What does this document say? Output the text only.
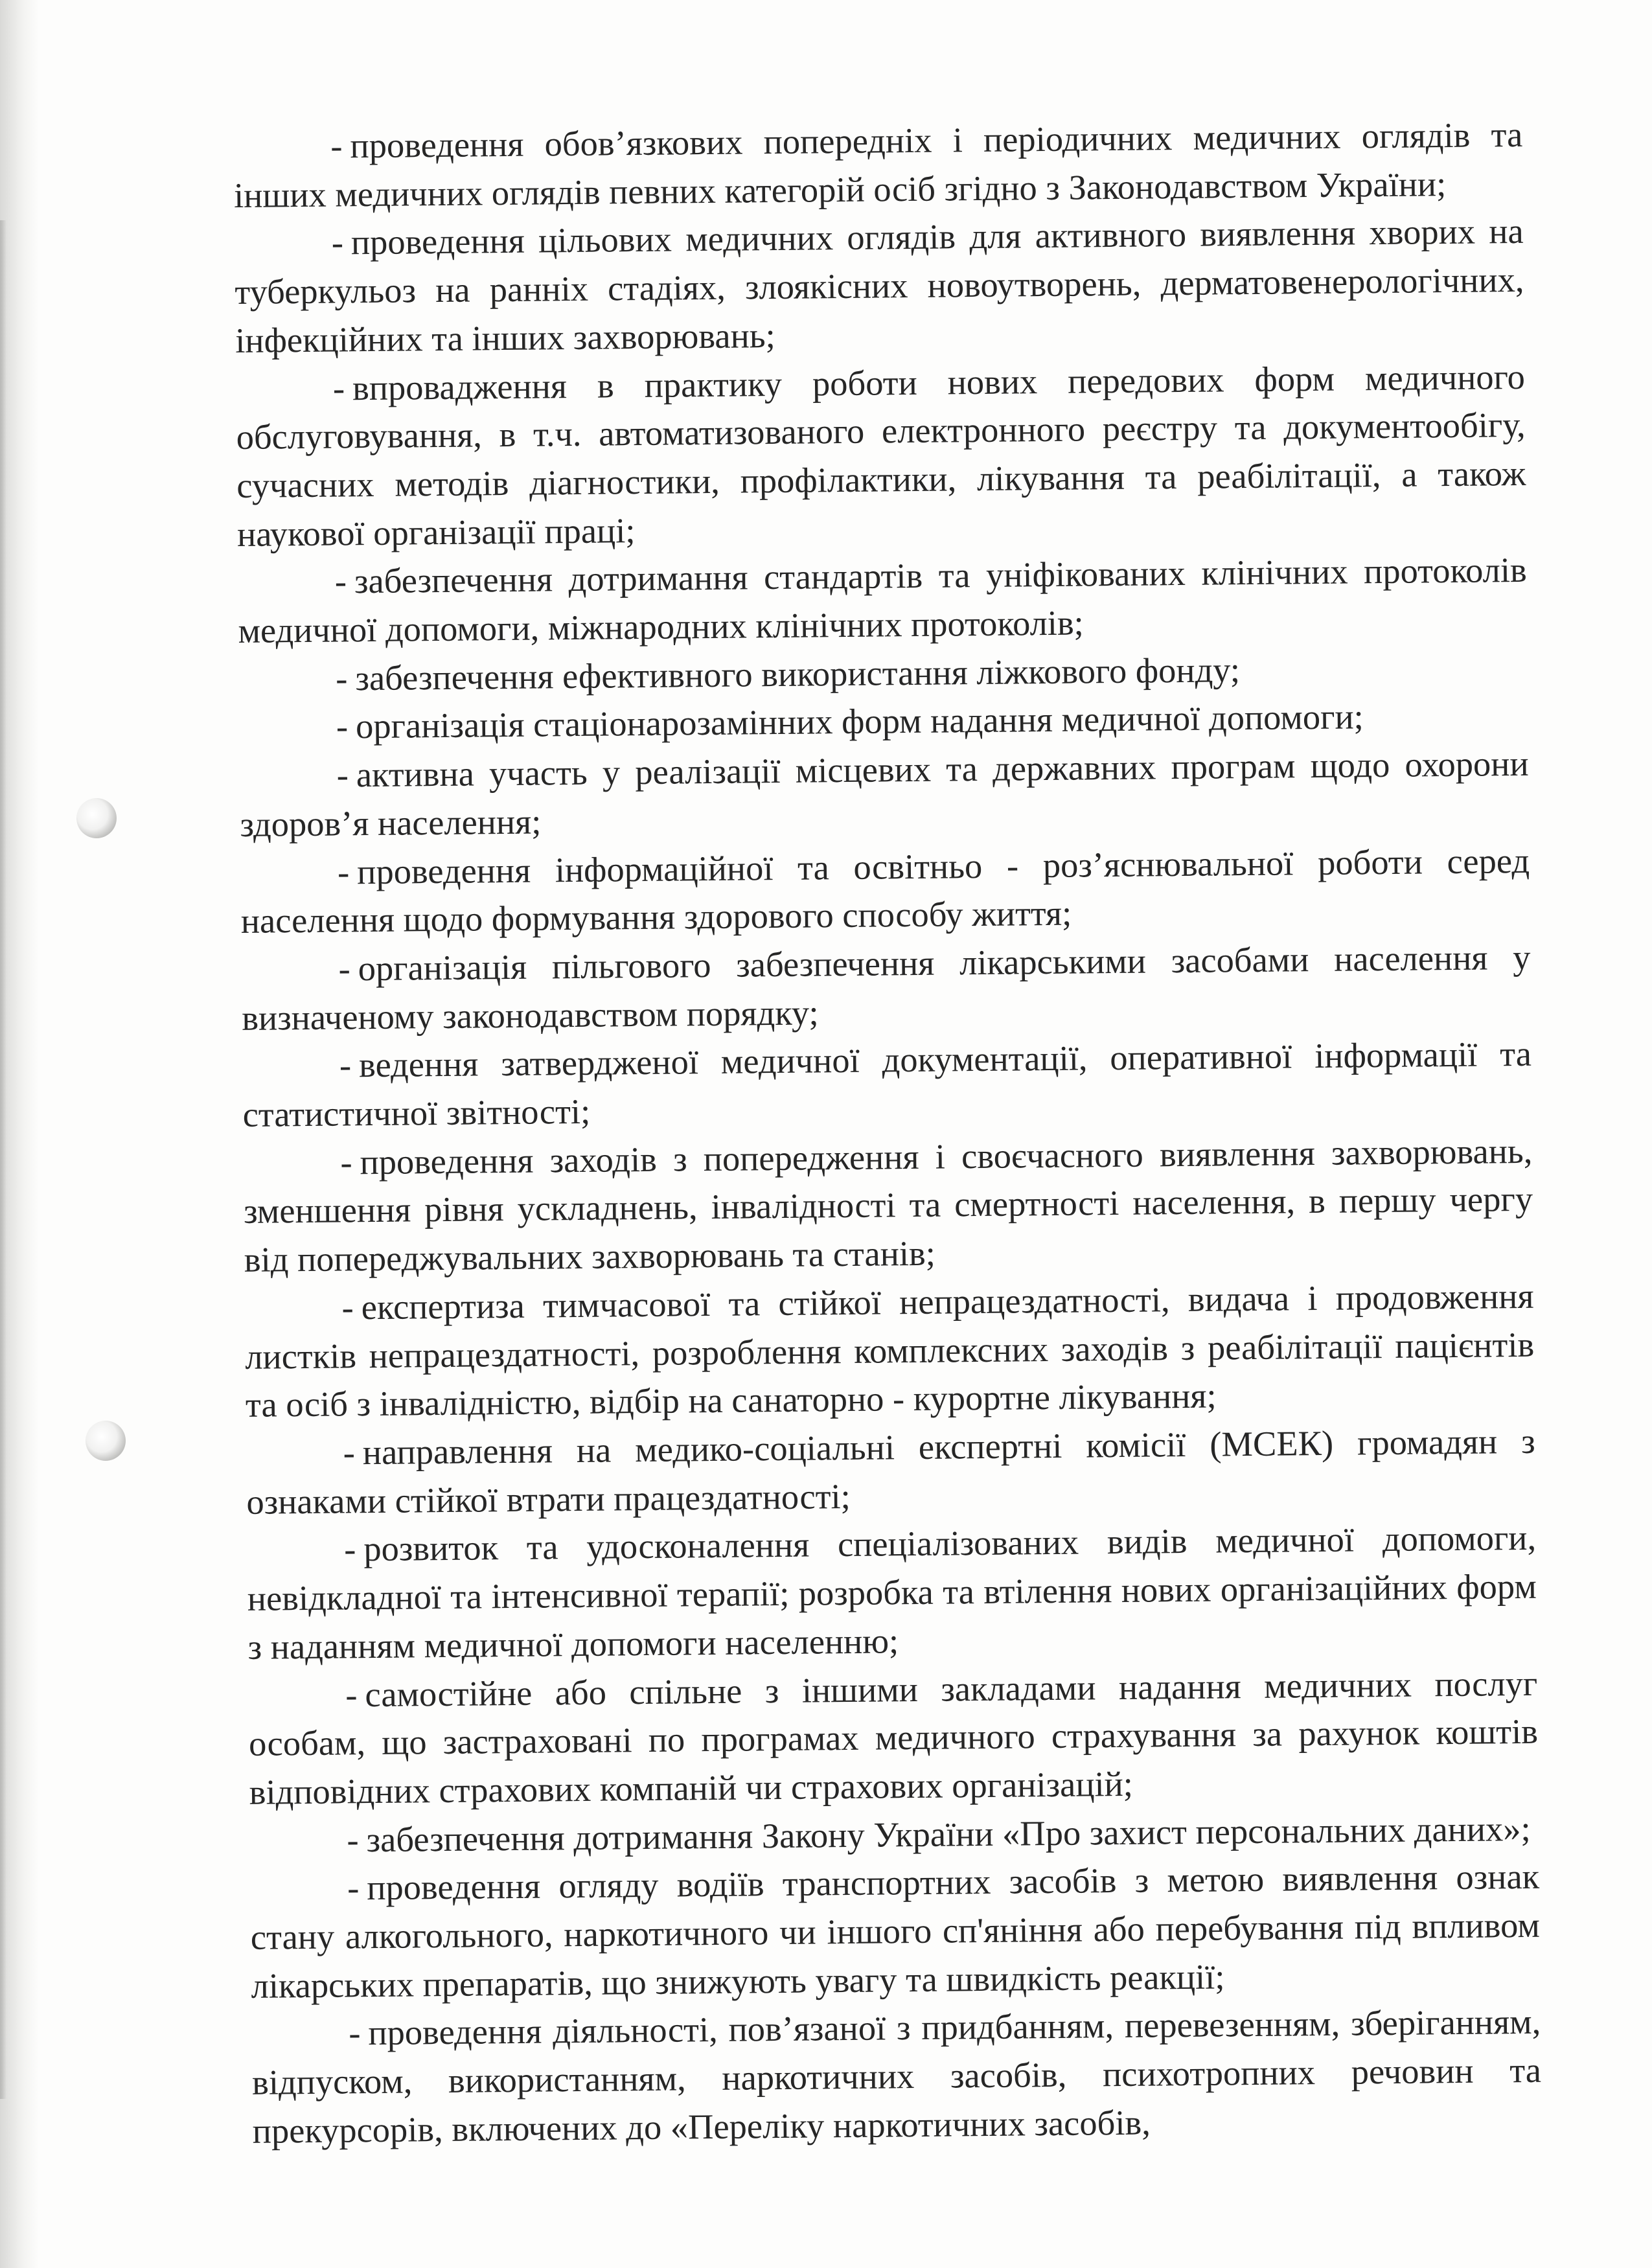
- проведення обов’язкових попередніх і періодичних медичних оглядів та інших медичних оглядів певних категорій осіб згідно з Законодавством України;

- проведення цільових медичних оглядів для активного виявлення хворих на туберкульоз на ранніх стадіях, злоякісних новоутворень, дерматовенерологічних, інфекційних та інших захворювань;

- впровадження в практику роботи нових передових форм медичного обслуговування, в т.ч. автоматизованого електронного реєстру та документообігу, сучасних методів діагностики, профілактики, лікування та реабілітації, а також наукової організації праці;

- забезпечення дотримання стандартів та уніфікованих клінічних протоколів медичної допомоги, міжнародних клінічних протоколів;

- забезпечення ефективного використання ліжкового фонду;

- організація стаціонарозамінних форм надання медичної допомоги;

- активна участь у реалізації місцевих та державних програм щодо охорони здоров’я населення;

- проведення інформаційної та освітньо - роз’яснювальної роботи серед населення щодо формування здорового способу життя;

- організація пільгового забезпечення лікарськими засобами населення у визначеному законодавством порядку;

- ведення затвердженої медичної документації, оперативної інформації та статистичної звітності;

- проведення заходів з попередження і своєчасного виявлення захворювань, зменшення рівня ускладнень, інвалідності та смертності населення, в першу чергу від попереджувальних захворювань та станів;

- експертиза тимчасової та стійкої непрацездатності, видача і продовження листків непрацездатності, розроблення комплексних заходів з реабілітації пацієнтів та осіб з інвалідністю, відбір на санаторно - курортне лікування;

- направлення на медико-соціальні експертні комісії (МСЕК) громадян з ознаками стійкої втрати працездатності;

- розвиток та удосконалення спеціалізованих видів медичної допомоги, невідкладної та інтенсивної терапії; розробка та втілення нових організаційних форм з наданням медичної допомоги населенню;

- самостійне або спільне з іншими закладами надання медичних послуг особам, що застраховані по програмах медичного страхування за рахунок коштів відповідних страхових компаній чи страхових організацій;

- забезпечення дотримання Закону України «Про захист персональних даних»;

- проведення огляду водіїв транспортних засобів з метою виявлення ознак стану алкогольного, наркотичного чи іншого сп'яніння або перебування під впливом лікарських препаратів, що знижують увагу та швидкість реакції;

- проведення діяльності, пов’язаної з придбанням, перевезенням, зберіганням, відпуском, використанням, наркотичних засобів, психотропних речовин та прекурсорів, включених до «Переліку наркотичних засобів,
